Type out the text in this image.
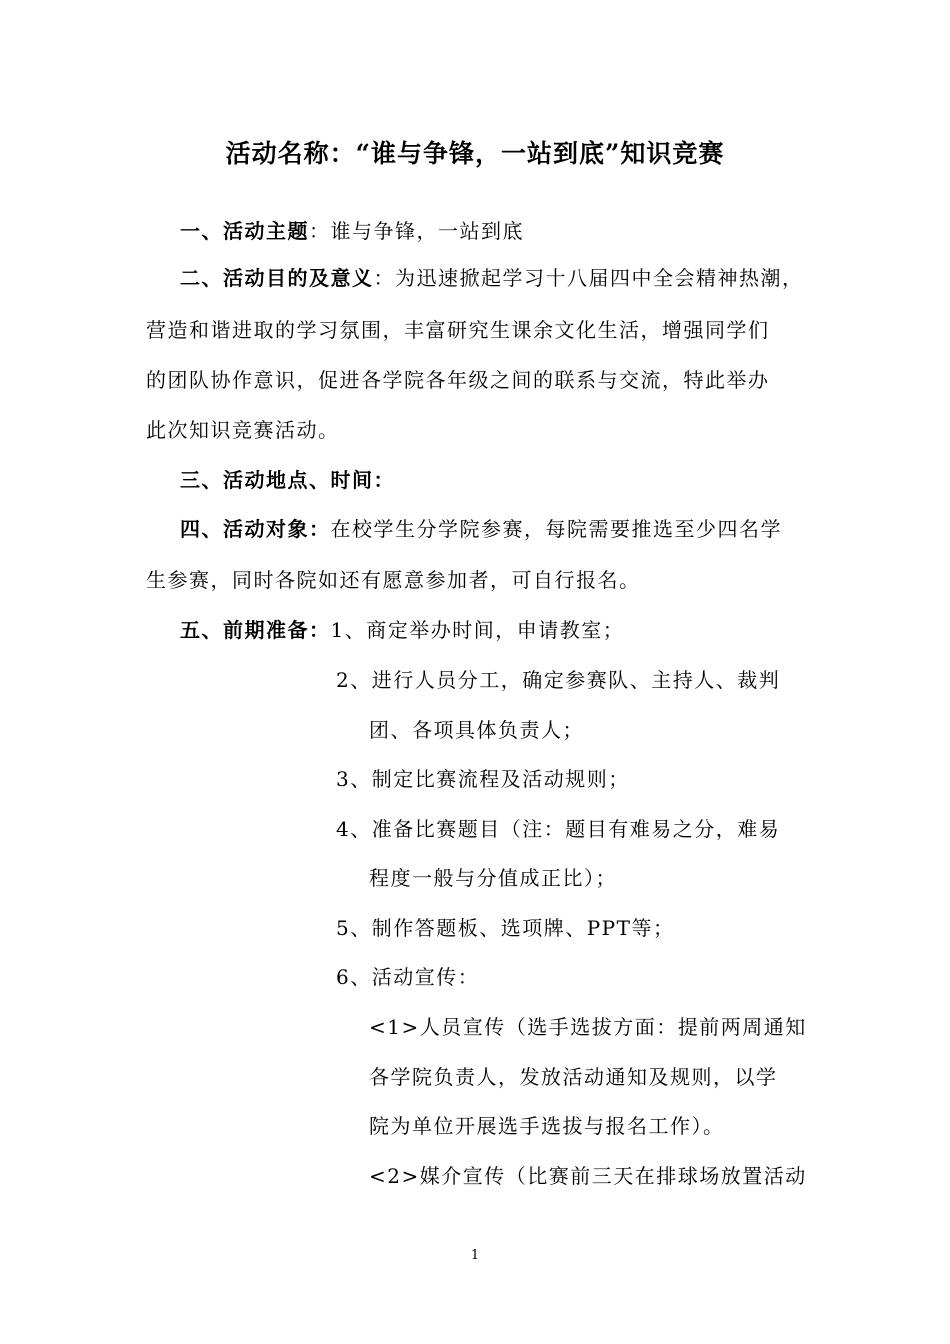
活动名称：“谁与争锋，一站到底”知识竞赛
一、活动主题：谁与争锋，一站到底
二、活动目的及意义：为迅速掀起学习十八届四中全会精神热潮，
营造和谐进取的学习氛围，丰富研究生课余文化生活，增强同学们
的团队协作意识，促进各学院各年级之间的联系与交流，特此举办
此次知识竞赛活动。
三、活动地点、时间：
四、活动对象：在校学生分学院参赛，每院需要推选至少四名学
生参赛，同时各院如还有愿意参加者，可自行报名。
五、前期准备：1、商定举办时间，申请教室；
2、进行人员分工，确定参赛队、主持人、裁判
团、各项具体负责人；
3、制定比赛流程及活动规则；
4、准备比赛题目（注：题目有难易之分，难易
程度一般与分值成正比）；
5、制作答题板、选项牌、PPT等；
6、活动宣传：
<1>人员宣传（选手选拔方面：提前两周通知
各学院负责人，发放活动通知及规则，以学
院为单位开展选手选拔与报名工作）。
<2>媒介宣传（比赛前三天在排球场放置活动
1
